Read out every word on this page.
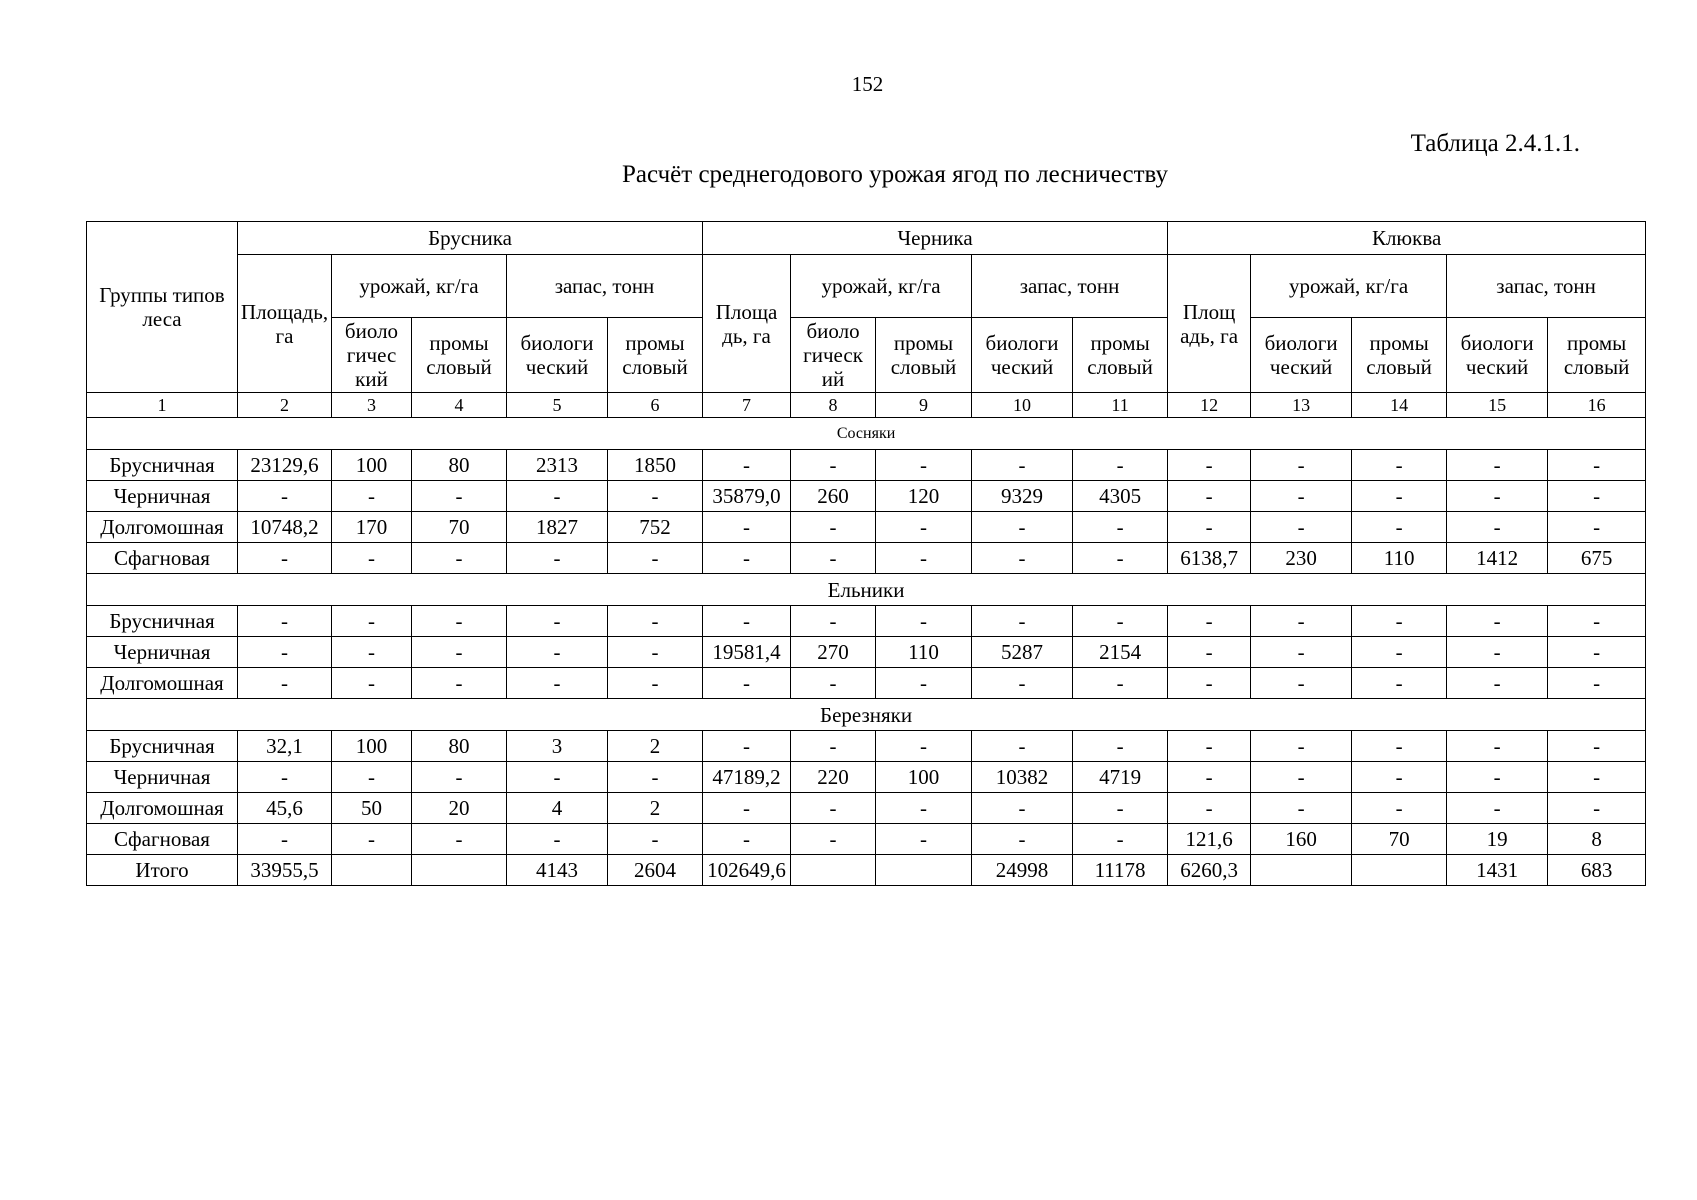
152
Таблица 2.4.1.1.
Расчёт среднегодового урожая ягод по лесничеству
Группы типов леса	Брусника					Черника					Клюква				
	Площадь, га	урожай, кг/га		запас, тонн		Площа дь, га	урожай, кг/га		запас, тонн		Площ адь, га	урожай, кг/га		запас, тонн	
		биоло гичес кий	промы словый	биологи ческий	промы словый		биоло гическ ий	промы словый	биологи ческий	промы словый		биологи ческий	промы словый	биологи ческий	промы словый
1	2	3	4	5	6	7	8	9	10	11	12	13	14	15	16
Сосняки															
Брусничная	23129,6	100	80	2313	1850	-	-	-	-	-	-	-	-	-	-
Черничная	-	-	-	-	-	35879,0	260	120	9329	4305	-	-	-	-	-
Долгомошная	10748,2	170	70	1827	752	-	-	-	-	-	-	-	-	-	-
Сфагновая	-	-	-	-	-	-	-	-	-	-	6138,7	230	110	1412	675
Ельники															
Брусничная	-	-	-	-	-	-	-	-	-	-	-	-	-	-	-
Черничная	-	-	-	-	-	19581,4	270	110	5287	2154	-	-	-	-	-
Долгомошная	-	-	-	-	-	-	-	-	-	-	-	-	-	-	-
Березняки															
Брусничная	32,1	100	80	3	2	-	-	-	-	-	-	-	-	-	-
Черничная	-	-	-	-	-	47189,2	220	100	10382	4719	-	-	-	-	-
Долгомошная	45,6	50	20	4	2	-	-	-	-	-	-	-	-	-	-
Сфагновая	-	-	-	-	-	-	-	-	-	-	121,6	160	70	19	8
Итого	33955,5			4143	2604	102649,6			24998	11178	6260,3			1431	683
